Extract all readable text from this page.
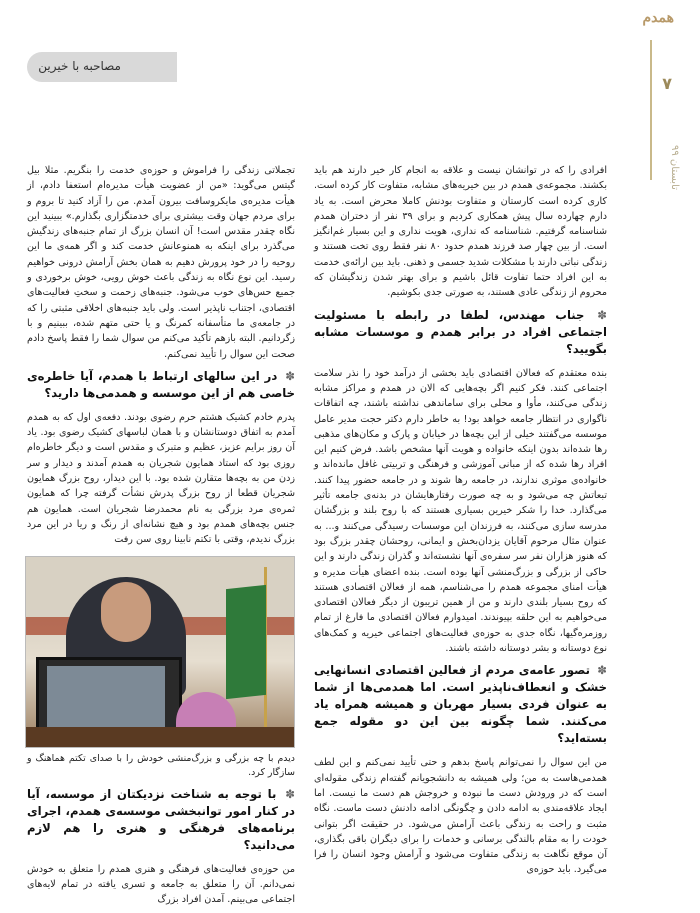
همدم
مصاحبه با خیرین
۷
تابستان ۹۹

افرادی را که در توانشان نیست و علاقه به انجام کار خیر دارند هم باید بکشند. مجموعه‌ی همدم در بین خیریه‌های مشابه، متفاوت کار کرده است. کاری کرده است کارستان و متفاوت بودنش کاملا محرض است. به یاد دارم چهارده سال پیش همکاری کردیم و برای ۳۹ نفر از دختران همدم شناسنامه گرفتیم. شناسنامه که نداری، هویت نداری و این بسیار غم‌انگیز است. از بین چهار صد فرزند همدم حدود ۸۰ نفر فقط روی تخت هستند و زندگی نباتی دارند با مشکلات شدید جسمی و ذهنی. باید بین ارائه‌ی خدمت به این افراد حتما تفاوت قائل باشیم و برای بهتر شدن زندگیشان که محروم از زندگی عادی هستند، به صورتی جدی بکوشیم.

✽ جناب مهندس، لطفا در رابطه با مسئولیت اجتماعی افراد در برابر همدم و موسسات مشابه بگویید؟

بنده معتقدم که فعالان اقتصادی باید بخشی از درآمد خود را نذر سلامت اجتماعی کنند. فکر کنیم اگر بچه‌هایی که الان در همدم و مراکز مشابه زندگی می‌کنند، مأوا و محلی برای ساماندهی نداشته باشند، چه اتفاقات ناگواری در انتظار جامعه خواهد بود! به خاطر دارم دکتر حجت مدیر عامل موسسه می‌گفتند خیلی از این بچه‌ها در خیابان و پارک و مکان‌های مذهبی رها شده‌اند بدون اینکه خانواده و هویت آنها مشخص باشد. فرض کنیم این افراد رها شده که از مبانی آموزشی و فرهنگی و تربیتی غافل مانده‌اند و خانواده‌ی موثری ندارند، در جامعه رها شوند و در جامعه حضور پیدا کنند. تبعاتش چه می‌شود و به چه صورت رفتارهایشان در بدنه‌ی جامعه تأثیر می‌گذارد. خدا را شکر خیرین بسیاری هستند که با روح بلند و بزرگشان مدرسه سازی می‌کنند، به فرزندان این موسسات رسیدگی می‌کنند و... به عنوان مثال مرحوم آقایان یزدان‌بخش و ایمانی، روحشان چقدر بزرگ بود که هنوز هزاران نفر سر سفره‌ی آنها نشسته‌اند و گذران زندگی دارند و این حاکی از بزرگی و بزرگ‌منشی آنها بوده است. بنده اعضای هیأت مدیره و هیأت امنای مجموعه همدم را می‌شناسم، همه از فعالان اقتصادی هستند که روح بسیار بلندی دارند و من از همین تریبون از دیگر فعالان اقتصادی می‌خواهیم به این حلقه بپیوندند. امیدوارم فعالان اقتصادی ما فارغ از تمام روزمره‌گیها، نگاه جدی به حوزه‌ی فعالیت‌های اجتماعی خیریه و کمک‌های نوع دوستانه و بشر دوستانه داشته باشند.

✽ تصور عامه‌ی مردم از فعالین اقتصادی انسانهایی خشک و انعطاف‌ناپذیر است. اما همدمی‌ها از شما به عنوان فردی بسیار مهربان و همیشه همراه یاد می‌کنند. شما چگونه بین این دو مقوله جمع بسته‌اید؟

من این سوال را نمی‌توانم پاسخ بدهم و حتی تأیید نمی‌کنم و این لطف همدمی‌هاست به من؛ ولی همیشه به دانشجویانم گفته‌ام زندگی مقوله‌ای است که در ورودش دست ما نبوده و خروجش هم دست ما نیست. اما ایجاد علاقه‌مندی به ادامه دادن و چگونگی ادامه دادنش دست ماست. نگاه مثبت و راحت به زندگی باعث آرامش می‌شود. در حقیقت اگر بتوانی خودت را به مقام بالندگی برسانی و خدمات را برای دیگران باقی بگذاری، آن موقع نگاهت به زندگی متفاوت می‌شود و آرامش وجود انسان را فرا می‌گیرد. باید حوزه‌ی

تجملاتی زندگی را فراموش و حوزه‌ی خدمت را بنگریم. مثلا بیل گیتس می‌گوید: «من از عضویت هیأت مدیره‌ام استعفا دادم، از هیأت مدیره‌ی مایکروسافت بیرون آمدم. من را آزاد کنید تا بروم و برای مردم جهان وقت بیشتری برای خدمتگزاری بگذارم.» ببینید این نگاه چقدر مقدس است! آن انسان بزرگ از تمام جنبه‌های زندگیش می‌گذرد برای اینکه به همنوعانش خدمت کند و اگر همه‌ی ما این روحیه را در خود پرورش دهیم به همان بخش آرامش درونی خواهیم رسید. این نوع نگاه به زندگی باعث خوش رویی، خوش برخوردی و جمیع حس‌های خوب می‌شود. جنبه‌های زحمت و سختِ فعالیت‌های اقتصادی، اجتناب ناپذیر است. ولی باید جنبه‌های اخلاقی مثبتی را که در جامعه‌ی ما متأسفانه کمرنگ و یا حتی متهم شده، ببینیم و با زگردانیم. البته بازهم تأکید می‌کنم من سوال شما را فقط پاسخ دادم صحت این سوال را تأیید نمی‌کنم.

✽ در این سالهای ارتباط با همدم، آیا خاطره‌ی خاصی هم از این موسسه و همدمی‌ها دارید؟

پدرم خادم کشیک هشتم حرم رضوی بودند. دفعه‌ی اول که به همدم آمدم به اتفاق دوستانشان و با همان لباسهای کشیک رضوی بود. یاد آن روز برایم عزیز، عظیم و متبرک و مقدس است و دیگر خاطره‌ام روزی بود که استاد همایون شجریان به همدم آمدند و دیدار و سر زدن من به بچه‌ها متقارن شده بود. با این دیدار، روح بزرگ همایون شجریان قطعا از روح بزرگ پدرش نشأت گرفته چرا که همایون ثمره‌ی مرد بزرگی به نام محمدرضا شجریان است. همایون هم جنس بچه‌های همدم بود و هیچ نشانه‌ای از رنگ و ریا در این مرد بزرگ ندیدم، وقتی با تکتم نابینا روی سن رفت

دیدم با چه بزرگی و بزرگ‌منشی خودش را با صدای تکتم هماهنگ و سازگار کرد.

✽ با توجه به شناخت نزدیکتان از موسسه، آیا در کنار امور توانبخشی موسسه‌ی همدم، اجرای برنامه‌های فرهنگی و هنری را هم لازم می‌دانید؟

من حوزه‌ی فعالیت‌های فرهنگی و هنری همدم را متعلق به خودش نمی‌دانم. آن را متعلق به جامعه و تسری یافته در تمام لایه‌های اجتماعی می‌بینم. آمدن افراد بزرگ
